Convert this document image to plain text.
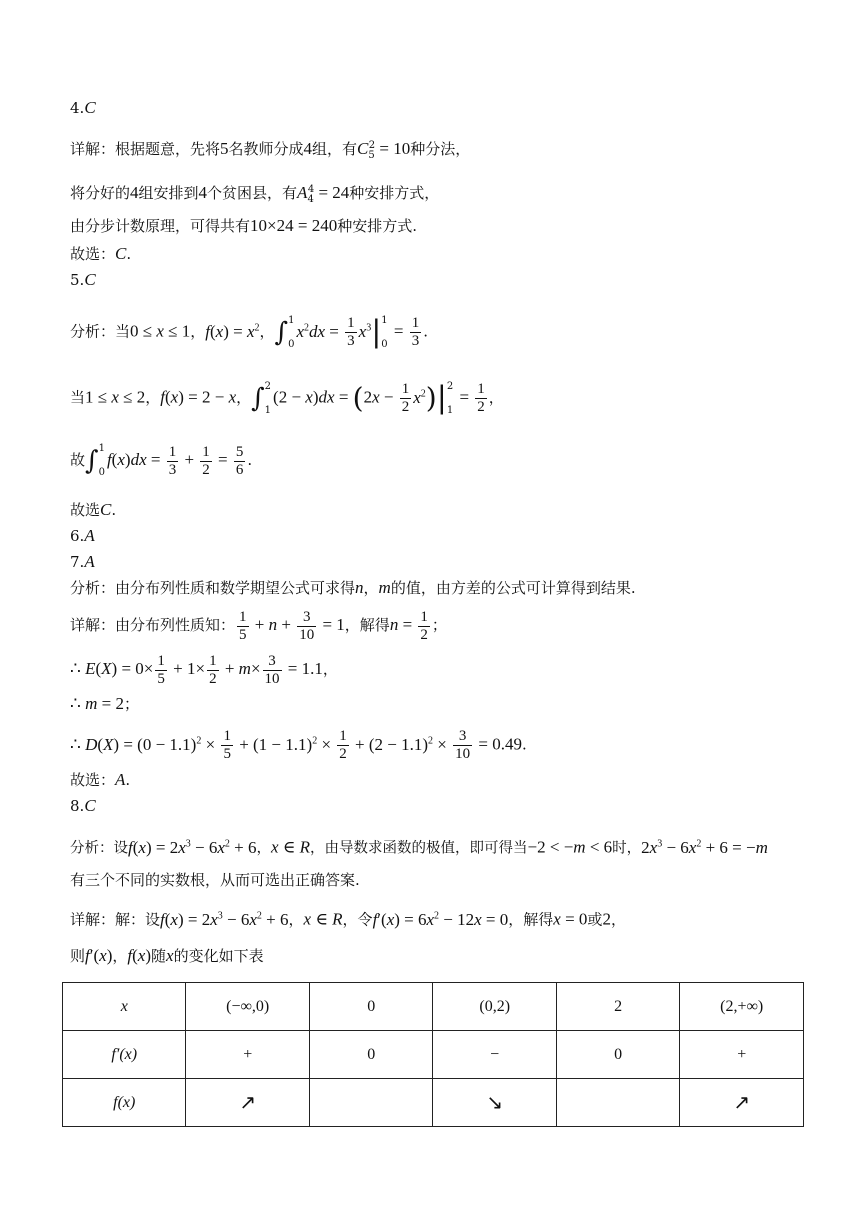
4.C
详解：根据题意，先将5名教师分成4组，有$C_5^2 = 10$种分法，
将分好的4组安排到4个贫困县，有$A_4^4 = 24$种安排方式，
由分步计数原理，可得共有10×24 = 240种安排方式.
故选：C.
5.C
分析：当0 ≤ x ≤ 1，$f(x) = x^2$，∫1

$0x^2dx = \frac{1}{3} x^3|1$

$0 = \frac{1}{3}$ .
当1 ≤ x ≤ 2，f(x) = 2 − x，∫2

$1(2 - x)dx = (2x - \frac{1}{2} x^2)|2$

$1 = \frac{1}{2}$ ，
故∫1

$0f(x)dx = \frac{1}{3} + \frac{1}{2} = \frac{5}{6}$ .
故选C.
6.A
7.A
分析：由分布列性质和数学期望公式可求得n，m的值，由方差的公式可计算得到结果.
详解：由分布列性质知： $\frac{1}{5} + n + \frac{3}{10} = 1$，解得$n = \frac{1}{2}$ ；
∴ $E(X) = 0\times \frac{1}{5} + 1\times \frac{1}{2} + m\times \frac{3}{10} = 1.1$，
∴ m = 2；
∴ $D(X) = (0 - 1.1)^2 \times \frac{1}{5} + (1 - 1.1)^2 \times \frac{1}{2} + (2 - 1.1)^2 \times \frac{3}{10} = 0.49$.
故选：A.
8.C
分析：设$f(x) = 2x^3 - 6x^2 + 6$，x ∈ R，由导数求函数的极值，即可得当−2 < −m < 6时，$2x^3 - 6x^2 + 6 = -m$
有三个不同的实数根，从而可选出正确答案.
详解：解：设$f(x) = 2x^3 - 6x^2 + 6$，x ∈ R，令$f'(x) = 6x^2 - 12x = 0$，解得x = 0或2，
则f′(x)，f(x)随x的变化如下表
x	(−∞,0)	0	(0,2)	2	(2,+∞)
f′(x)	+	0	−	0	+
f(x)	↗		↘		↗
